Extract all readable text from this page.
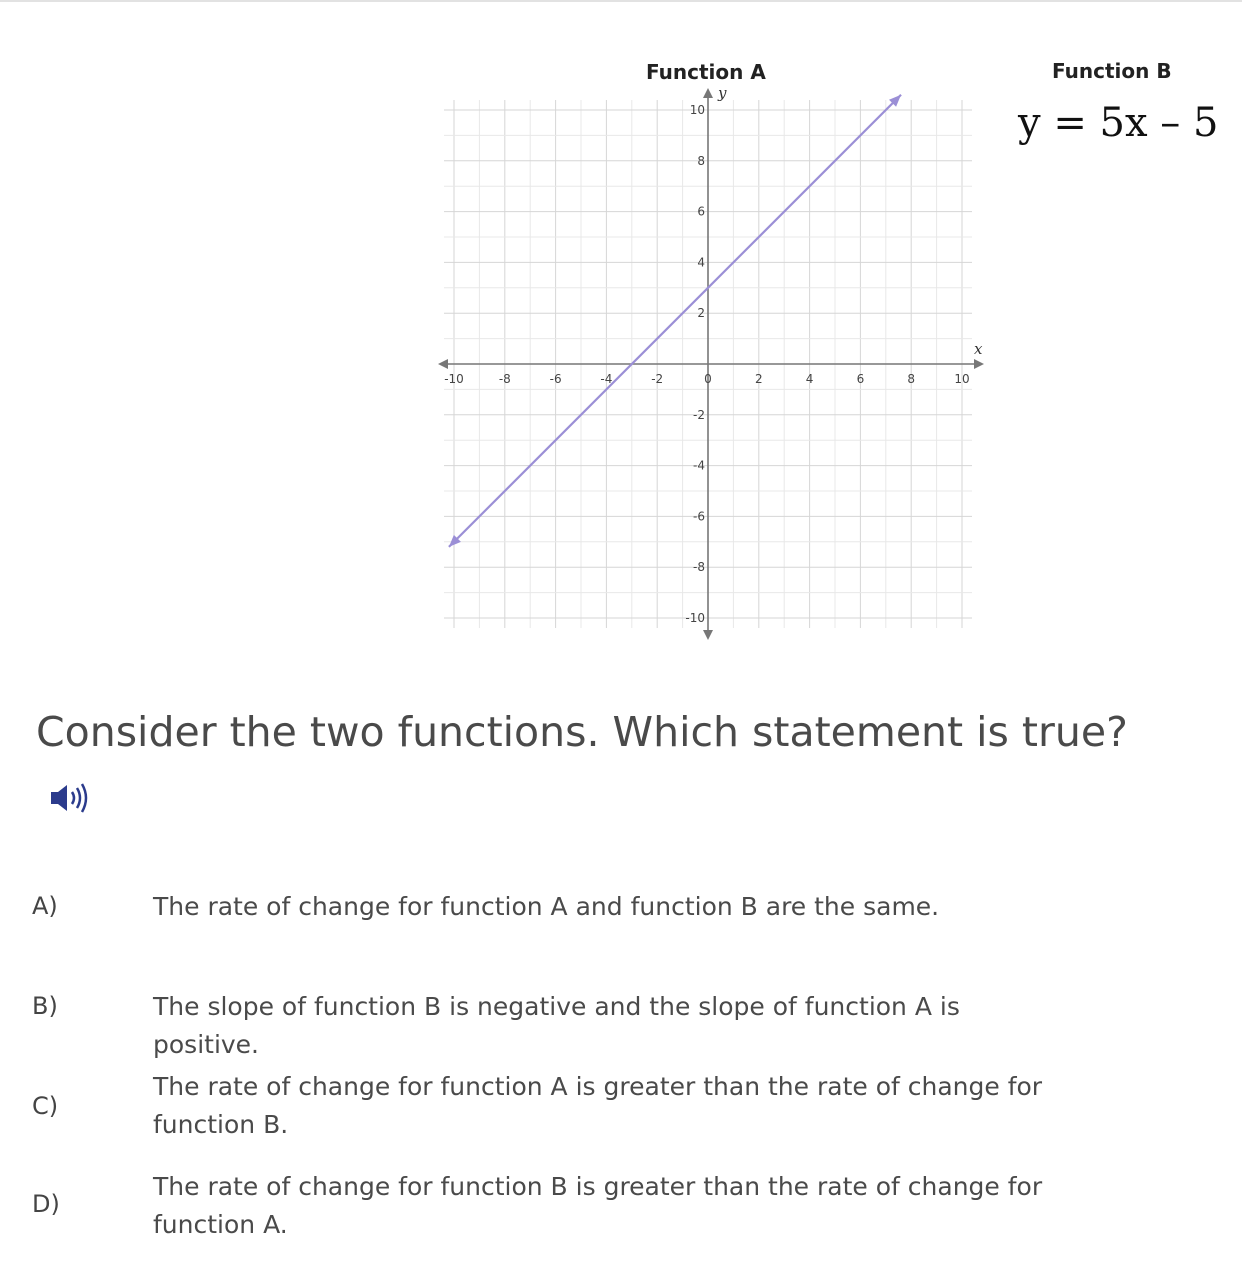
Function A	Function B
y = 5x – 5
x
y
-10	-8	-6	-4	-2	0	2	4	6	8	10
10
8
6
4
2
-2
-4
-6
-8
-10
Consider the two functions. Which statement is true?
A)	The rate of change for function A and function B are the same.
B)	The slope of function B is negative and the slope of function A is positive.
C)
The rate of change for function A is greater than the rate of change for function B.
D)
The rate of change for function B is greater than the rate of change for function A.
